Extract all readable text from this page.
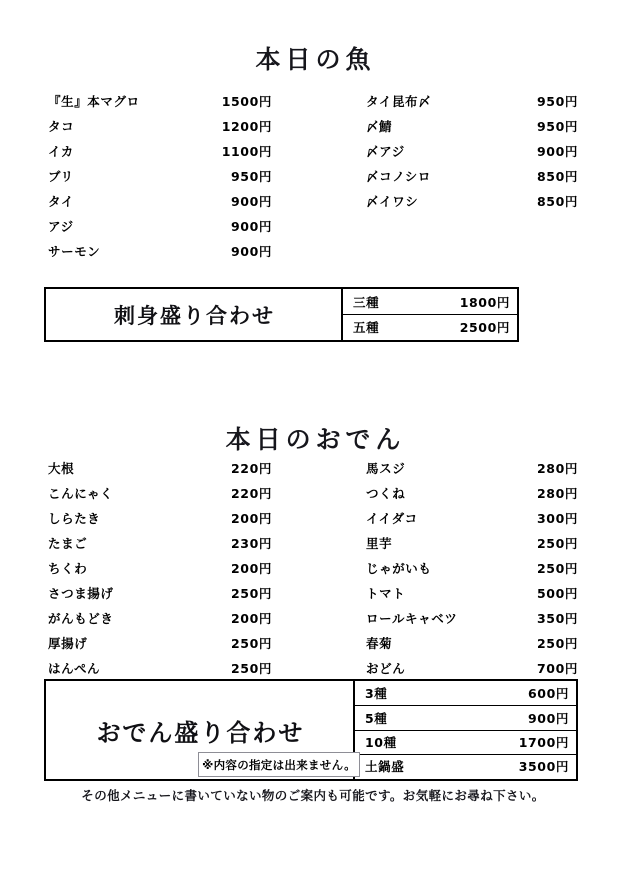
本日の魚
『生』本マグロ	1500円
タコ	1200円
イカ	1100円
ブリ	950円
タイ	900円
アジ	900円
サーモン	900円
タイ昆布〆	950円
〆鯖	950円
〆アジ	900円
〆コノシロ	850円
〆イワシ	850円
刺身盛り合わせ
三種	1800円
五種	2500円
本日のおでん
大根	220円
こんにゃく	220円
しらたき	200円
たまご	230円
ちくわ	200円
さつま揚げ	250円
がんもどき	200円
厚揚げ	250円
はんぺん	250円
馬スジ	280円
つくね	280円
イイダコ	300円
里芋	250円
じゃがいも	250円
トマト	500円
ロールキャベツ	350円
春菊	250円
おどん	700円
おでん盛り合わせ
※内容の指定は出来ません。
3種	600円
5種	900円
10種	1700円
土鍋盛	3500円
その他メニューに書いていない物のご案内も可能です。お気軽にお尋ね下さい。
